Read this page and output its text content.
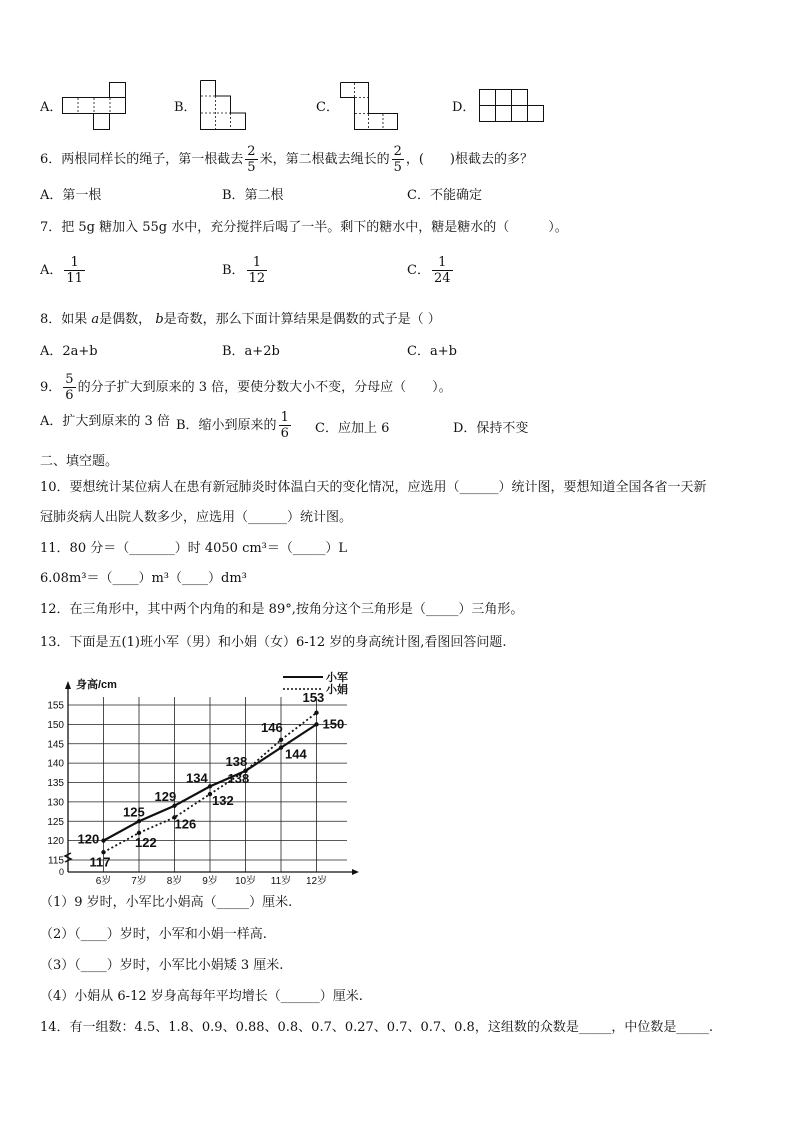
A．	B．	C．	D．
6．两根同样长的绳子，第一根截去 $\frac{2}{5}$ 米，第二根截去绳长的 $\frac{2}{5}$ ，(　　)根截去的多？
A．第一根	B．第二根	C．不能确定
7．把 5g 糖加入 55g 水中，充分搅拌后喝了一半。剩下的糖水中，糖是糖水的（　　　）。
A． $\frac{1}{11}$	B． $\frac{1}{12}$	C． $\frac{1}{24}$
8．如果 a是偶数， b是奇数，那么下面计算结果是偶数的式子是（ ）
A．2a+b	B．a+2b	C．a+b
9． $\frac{5}{6}$ 的分子扩大到原来的 3 倍，要使分数大小不变，分母应（　　）。
A．扩大到原来的 3 倍 B．缩小到原来的 $\frac{1}{6}$ C．应加上 6	D．保持不变
二、填空题。
10．要想统计某位病人在患有新冠肺炎时体温白天的变化情况，应选用（______）统计图，要想知道全国各省一天新
冠肺炎病人出院人数多少，应选用（______）统计图。
11．80 分＝（_______）时 4050 cm³＝（_____）L
6.08m³＝（____）m³（____）dm³
12．在三角形中，其中两个内角的和是 89°,按角分这个三角形是（_____）三角形。
13．下面是五(1)班小军（男）和小娟（女）6-12 岁的身高统计图,看图回答问题.
115
120
125
130
135
140
145
150
155
0
身高/cm
6岁 7岁 8岁 9岁 10岁 11岁 12岁
120
125
129
134
138	144
150
117
122
126
132
138
146
153
小军
小娟
（1）9 岁时，小军比小娟高（_____）厘米.
（2）（____）岁时，小军和小娟一样高.
（3）（____）岁时，小军比小娟矮 3 厘米.
（4）小娟从 6-12 岁身高每年平均增长（______）厘米.
14．有一组数：4.5、1.8、0.9、0.88、0.8、0.7、0.27、0.7、0.7、0.8，这组数的众数是_____，中位数是_____.
